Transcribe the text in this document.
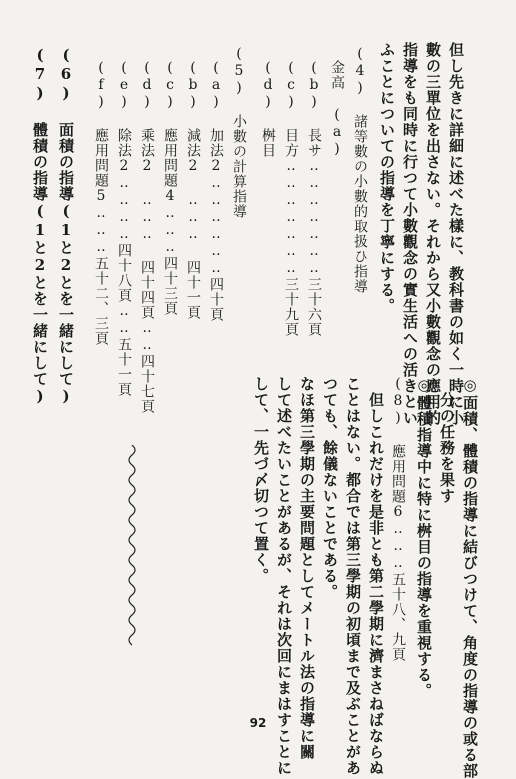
但し先きに詳細に述べた樣に、教科書の如く一時に小
數の三單位を出さない。それから又小數觀念の應用的
指導をも同時に行つて小數觀念の實生活への活きとい
ふことについての指導を丁寧にする。
(4) 諸等數の小數的取扱ひ指導
金高 (a)
(b) 長サ‥‥‥‥‥‥‥三十六頁
(c) 目方‥‥‥‥‥‥‥三十九頁
(d) 桝目
(5) 小數の計算指導
(a) 加法2‥‥‥‥‥‥四十頁
(b) 減法2 ‥‥‥ 四十一頁
(c) 應用問題4‥‥‥四十三頁
(d) 乘法2 ‥‥‥ 四十四頁‥‥四十七頁
(e) 除法2‥‥‥‥四十八頁‥‥五十一頁
(f) 應用問題5‥‥‥五十二、三頁
(6) 面積の指導(1と2とを一緒にして)
(7) 體積の指導(1と2とを一緒にして)
◎面積、體積の指導に結びつけて、角度の指導の或る部
　分の任務を果す
◎體積指導中に特に桝目の指導を重視する。
(8) 應用問題6‥‥‥五十八、九頁
　但しこれだけを是非とも第二學期に濟まさねばならぬ
ことはない。都合では第三學期の初頃まで及ぶことがあ
つても、餘儀ないことである。
なほ第三學期の主要問題としてメートル法の指導に關
して述べたいことがあるが、それは次回にまはすことに
して、一先づ〆切つて置く。
92
